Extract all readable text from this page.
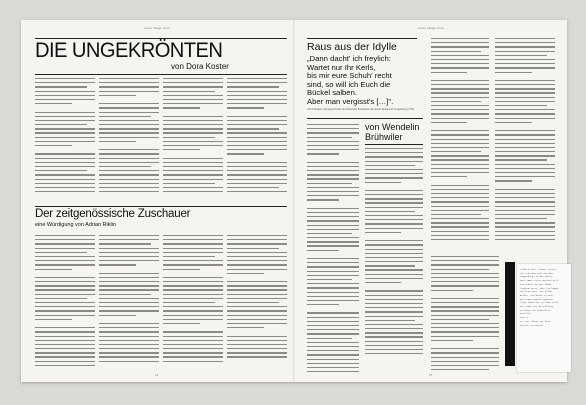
Lower Village Voice
DIE UNGEKRÖNTEN
von Dora Koster
Der zeitgenössische Zuschauer
eine Würdigung von Adrian Riklin
14
Lower Village Voice
Raus aus der Idylle
„Dann dacht' ich freylich:
Wartet nur Ihr Kerls,
bis mir eure Schuh' recht
sind, so will ich Euch die
Bückel salben.
Aber man vergisst's […]".
Ulrich Bräker, Lebensgeschichte und Natürliche Ebentheuer des Armen Mannes im Tockenburg (1789)
von Wendelin
Brühwiler
Liebe Ursula, lieber Stefan
ich schreibe euch aus dem
Toggenburg, wo der Winter
noch immer nicht weichen will.
Die Arbeit am Text kommt
langsam voran, aber sie kommt.
Ich lese viel, vor allem
Bräker, und denke an euch.
Das Armen Mannes Tagebuch
liegt neben mir auf dem Tisch.
Wir sehen uns im Frühling,
so hoffe ich jedenfalls.
Herzlich,
euer W.
PS: Der Schnee ist blau.
Zürich, im Februar
15
